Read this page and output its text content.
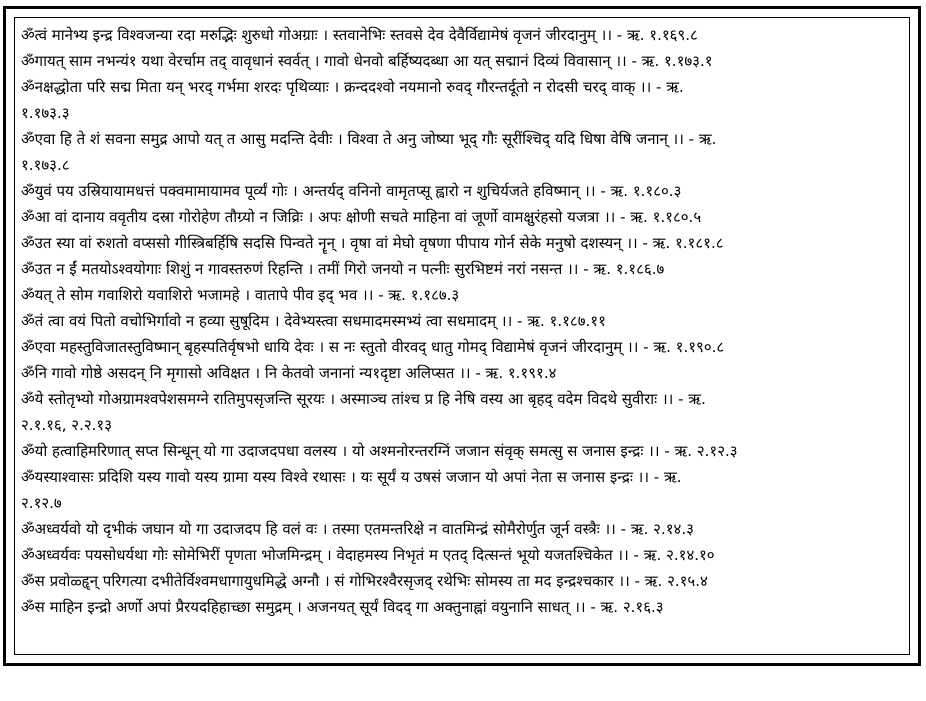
ॐत्वं मानेभ्य इन्द्र विश्वजन्या रदा मरुद्भिः शुरुधो गोअग्राः । स्तवानेभिः स्तवसे देव देवैर्विद्यामेषं वृजनं जीरदानुम् ।। - ऋ. १.१६९.८
ॐगायत् साम नभन्यं१ यथा वेरर्चाम तद् वावृधानं स्वर्वत् । गावो धेनवो बर्हिष्यदब्धा आ यत् सद्मानं दिव्यं विवासान् ।। - ऋ. १.१७३.१
ॐनक्षद्धोता परि सद्म मिता यन् भरद् गर्भमा शरदः पृथिव्याः । क्रन्ददश्वो नयमानो रुवद् गौरन्तर्दूतो न रोदसी चरद् वाक् ।। - ऋ.
१.१७३.३
ॐएवा हि ते शं सवना समुद्र आपो यत् त आसु मदन्ति देवीः । विश्वा ते अनु जोष्या भूद् गौः सूरींश्चिद् यदि धिषा वेषि जनान् ।। - ऋ.
१.१७३.८
ॐयुवं पय उस्रियायामधत्तं पक्वमामायामव पूर्व्यं गोः । अन्तर्यद् वनिनो वामृतप्सू ह्वारो न शुचिर्यजते हविष्मान् ।। - ऋ. १.१८०.३
ॐआ वां दानाय ववृतीय दस्रा गोरोहेण तौग्र्यो न जिव्रिः । अपः क्षोणी सचते माहिना वां जूर्णो वामक्षुरंहसो यजत्रा ।। - ऋ. १.१८०.५
ॐउत स्या वां रुशतो वप्ससो गीस्त्रिबर्हिषि सदसि पिन्वते नॄन् । वृषा वां मेघो वृषणा पीपाय गोर्न सेके मनुषो दशस्यन् ।। - ऋ. १.१८१.८
ॐउत न ईं मतयोऽश्वयोगाः शिशुं न गावस्तरुणं रिहन्ति । तमीं गिरो जनयो न पत्नीः सुरभिष्टमं नरां नसन्त ।। - ऋ. १.१८६.७
ॐयत् ते सोम गवाशिरो यवाशिरो भजामहे । वातापे पीव इद् भव ।। - ऋ. १.१८७.३
ॐतं त्वा वयं पितो वचोभिर्गावो न हव्या सुषूदिम । देवेभ्यस्त्वा सधमादमस्मभ्यं त्वा सधमादम् ।। - ऋ. १.१८७.११
ॐएवा महस्तुविजातस्तुविष्मान् बृहस्पतिर्वृषभो धायि देवः । स नः स्तुतो वीरवद् धातु गोमद् विद्यामेषं वृजनं जीरदानुम् ।। - ऋ. १.१९०.८
ॐनि गावो गोष्ठे असदन् नि मृगासो अविक्षत । नि केतवो जनानां न्य१दृष्टा अलिप्सत ।। - ऋ. १.१९१.४
ॐये स्तोतृभ्यो गोअग्रामश्वपेशसमग्ने रातिमुपसृजन्ति सूरयः । अस्माञ्च तांश्च प्र हि नेषि वस्य आ बृहद् वदेम विदथे सुवीराः ।। - ऋ.
२.१.१६, २.२.१३
ॐयो हत्वाहिमरिणात् सप्त सिन्धून् यो गा उदाजदपधा वलस्य । यो अश्मनोरन्तरग्निं जजान संवृक् समत्सु स जनास इन्द्रः ।। - ऋ. २.१२.३
ॐयस्याश्वासः प्रदिशि यस्य गावो यस्य ग्रामा यस्य विश्वे रथासः । यः सूर्यं य उषसं जजान यो अपां नेता स जनास इन्द्रः ।। - ऋ.
२.१२.७
ॐअध्वर्यवो यो दृभीकं जघान यो गा उदाजदप हि वलं वः । तस्मा एतमन्तरिक्षे न वातमिन्द्रं सोमैरोर्णुत जूर्न वस्त्रैः ।। - ऋ. २.१४.३
ॐअध्वर्यवः पयसोधर्यथा गोः सोमेभिरीं पृणता भोजमिन्द्रम् । वेदाहमस्य निभृतं म एतद् दित्सन्तं भूयो यजतश्चिकेत ।। - ऋ. २.१४.१०
ॐस प्रवोळ्हॄन् परिगत्या दभीतेर्विश्वमधागायुधमिद्धे अग्नौ । सं गोभिरश्वैरसृजद् रथेभिः सोमस्य ता मद इन्द्रश्चकार ।। - ऋ. २.१५.४
ॐस माहिन इन्द्रो अर्णो अपां प्रैरयदहिहाच्छा समुद्रम् । अजनयत् सूर्यं विदद् गा अक्तुनाह्नां वयुनानि साधत् ।। - ऋ. २.१६.३
